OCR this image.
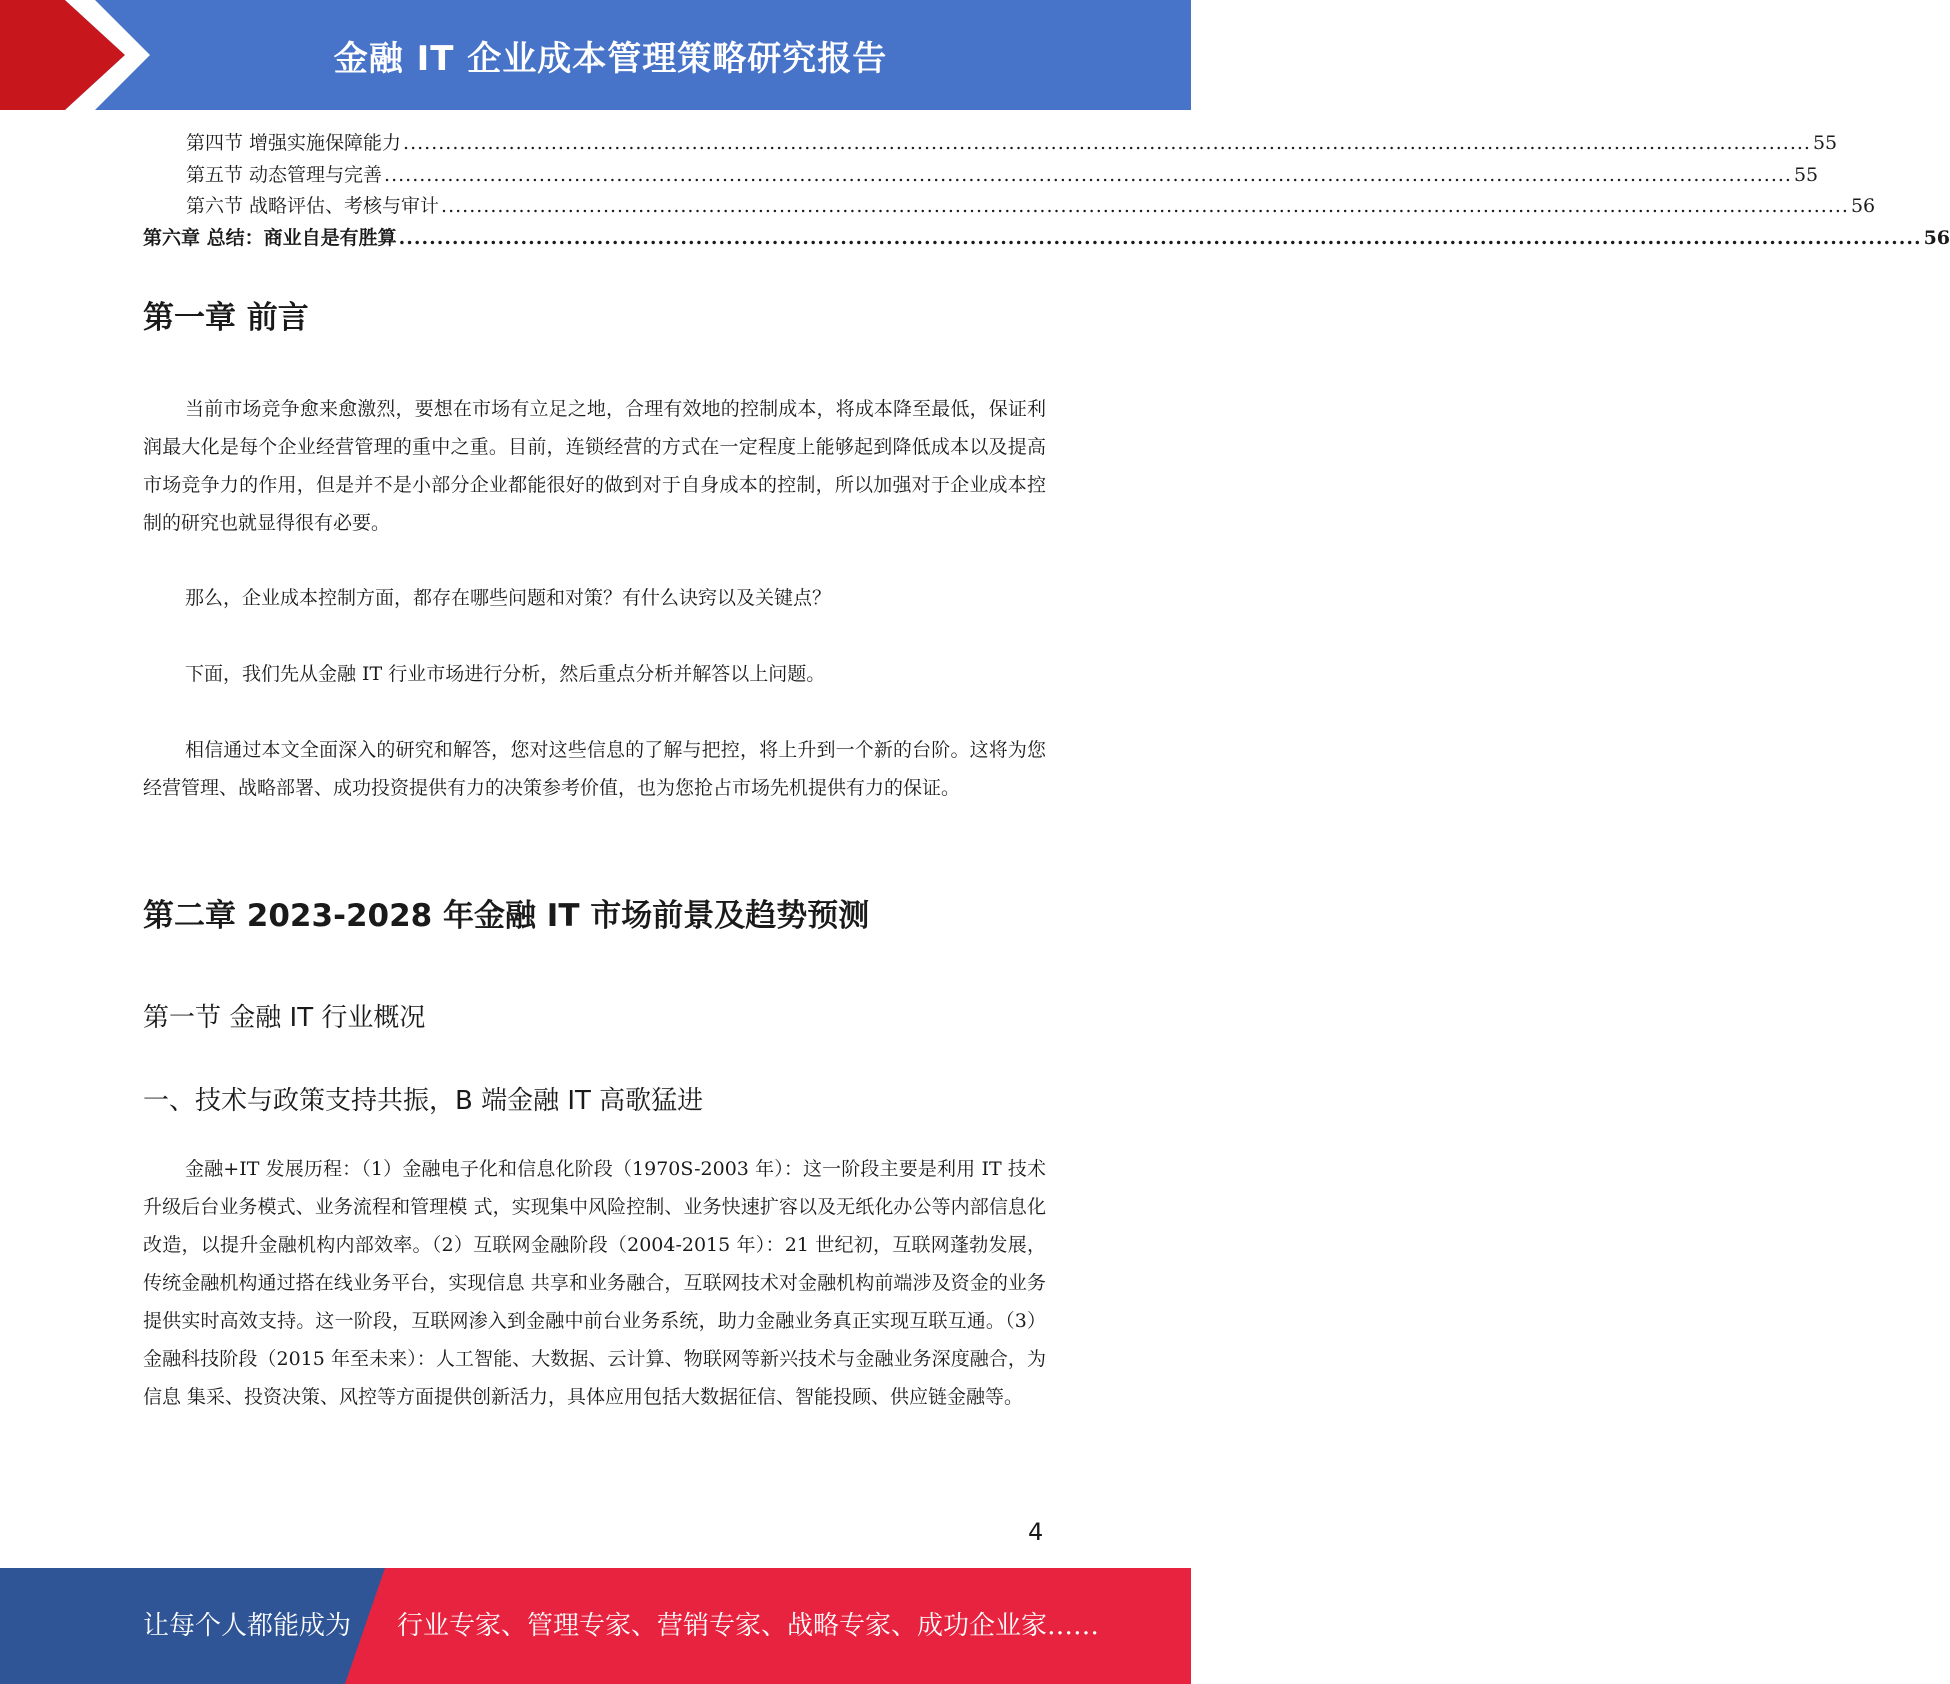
金融 IT 企业成本管理策略研究报告
第四节 增强实施保障能力 ........................................................................................................................................................................................................ 55
第五节 动态管理与完善 ........................................................................................................................................................................................................ 55
第六节 战略评估、考核与审计 ........................................................................................................................................................................................................ 56
第六章 总结：商业自是有胜算 ........................................................................................................................................................................................................ 56
第一章 前言

当前市场竞争愈来愈激烈，要想在市场有立足之地，合理有效地的控制成本，将成本降至最低，保证利润最大化是每个企业经营管理的重中之重。目前，连锁经营的方式在一定程度上能够起到降低成本以及提高市场竞争力的作用，但是并不是小部分企业都能很好的做到对于自身成本的控制，所以加强对于企业成本控制的研究也就显得很有必要。

那么，企业成本控制方面，都存在哪些问题和对策？有什么诀窍以及关键点？

下面，我们先从金融 IT 行业市场进行分析，然后重点分析并解答以上问题。

相信通过本文全面深入的研究和解答，您对这些信息的了解与把控，将上升到一个新的台阶。这将为您经营管理、战略部署、成功投资提供有力的决策参考价值，也为您抢占市场先机提供有力的保证。

第二章 2023-2028 年金融 IT 市场前景及趋势预测
第一节 金融 IT 行业概况
一、技术与政策支持共振，B 端金融 IT 高歌猛进

金融+IT 发展历程：（1）金融电子化和信息化阶段（1970S-2003 年）：这一阶段主要是利用 IT 技术升级后台业务模式、业务流程和管理模 式，实现集中风险控制、业务快速扩容以及无纸化办公等内部信息化改造，以提升金融机构内部效率。（2）互联网金融阶段（2004-2015 年）：21 世纪初，互联网蓬勃发展，传统金融机构通过搭在线业务平台，实现信息 共享和业务融合，互联网技术对金融机构前端涉及资金的业务提供实时高效支持。这一阶段，互联网渗入到金融中前台业务系统，助力金融业务真正实现互联互通。（3）金融科技阶段（2015 年至未来）：人工智能、大数据、云计算、物联网等新兴技术与金融业务深度融合，为信息 集采、投资决策、风控等方面提供创新活力，具体应用包括大数据征信、智能投顾、供应链金融等。

4
让每个人都能成为 行业专家、管理专家、营销专家、战略专家、成功企业家……
